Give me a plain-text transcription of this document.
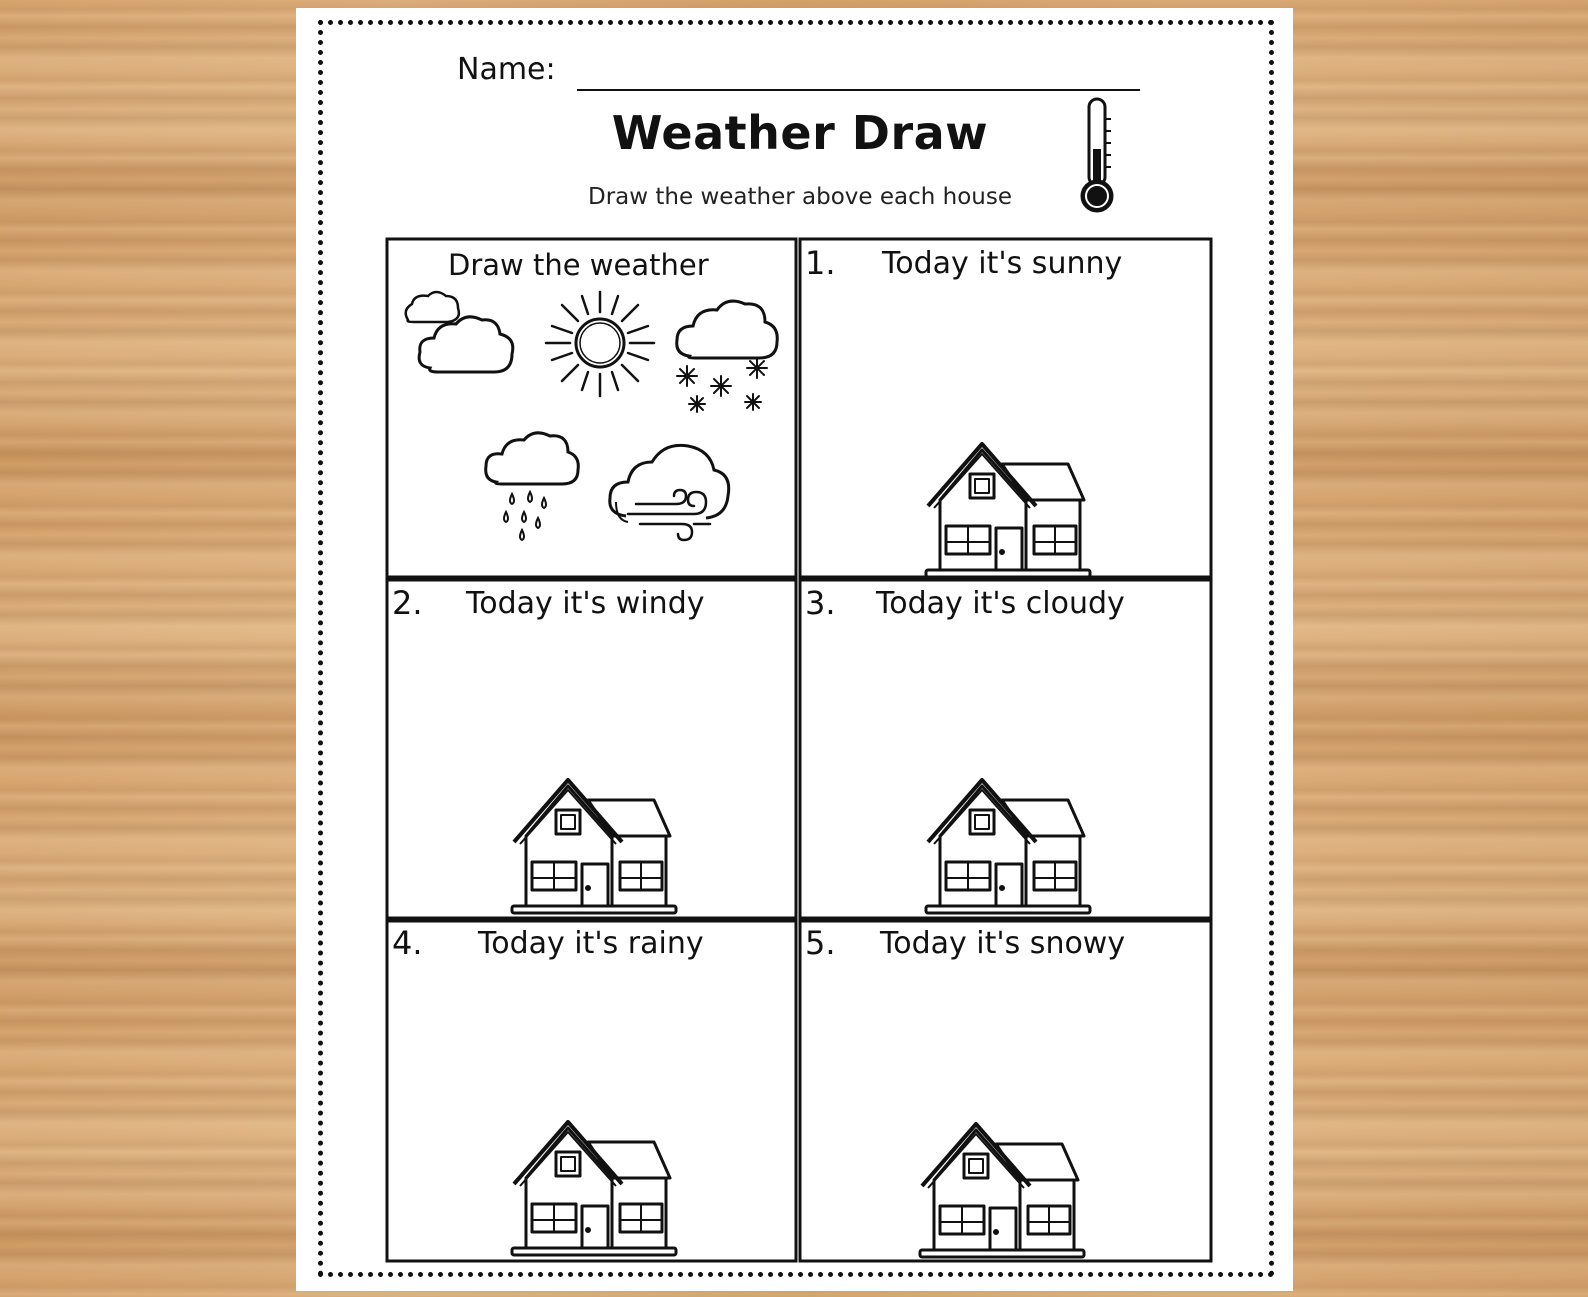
Name:
Weather Draw
Draw the weather above each house
Draw the weather	1. Today it's sunny
2. Today it's windy	3. Today it's cloudy
4. Today it's rainy	5. Today it's snowy
